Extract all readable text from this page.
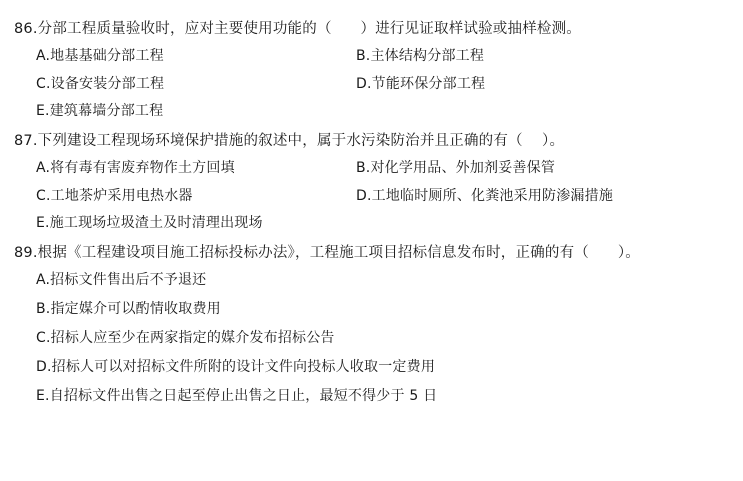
86.分部工程质量验收时，应对主要使用功能的（      ）进行见证取样试验或抽样检测。
A.地基基础分部工程	B.主体结构分部工程
C.设备安装分部工程	D.节能环保分部工程
E.建筑幕墙分部工程
87.下列建设工程现场环境保护措施的叙述中，属于水污染防治并且正确的有（    ）。
A.将有毒有害废弃物作土方回填	B.对化学用品、外加剂妥善保管
C.工地茶炉采用电热水器	D.工地临时厕所、化粪池采用防渗漏措施
E.施工现场垃圾渣土及时清理出现场
89.根据《工程建设项目施工招标投标办法》，工程施工项目招标信息发布时，正确的有（      ）。
A.招标文件售出后不予退还
B.指定媒介可以酌情收取费用
C.招标人应至少在两家指定的媒介发布招标公告
D.招标人可以对招标文件所附的设计文件向投标人收取一定费用
E.自招标文件出售之日起至停止出售之日止，最短不得少于 5 日
